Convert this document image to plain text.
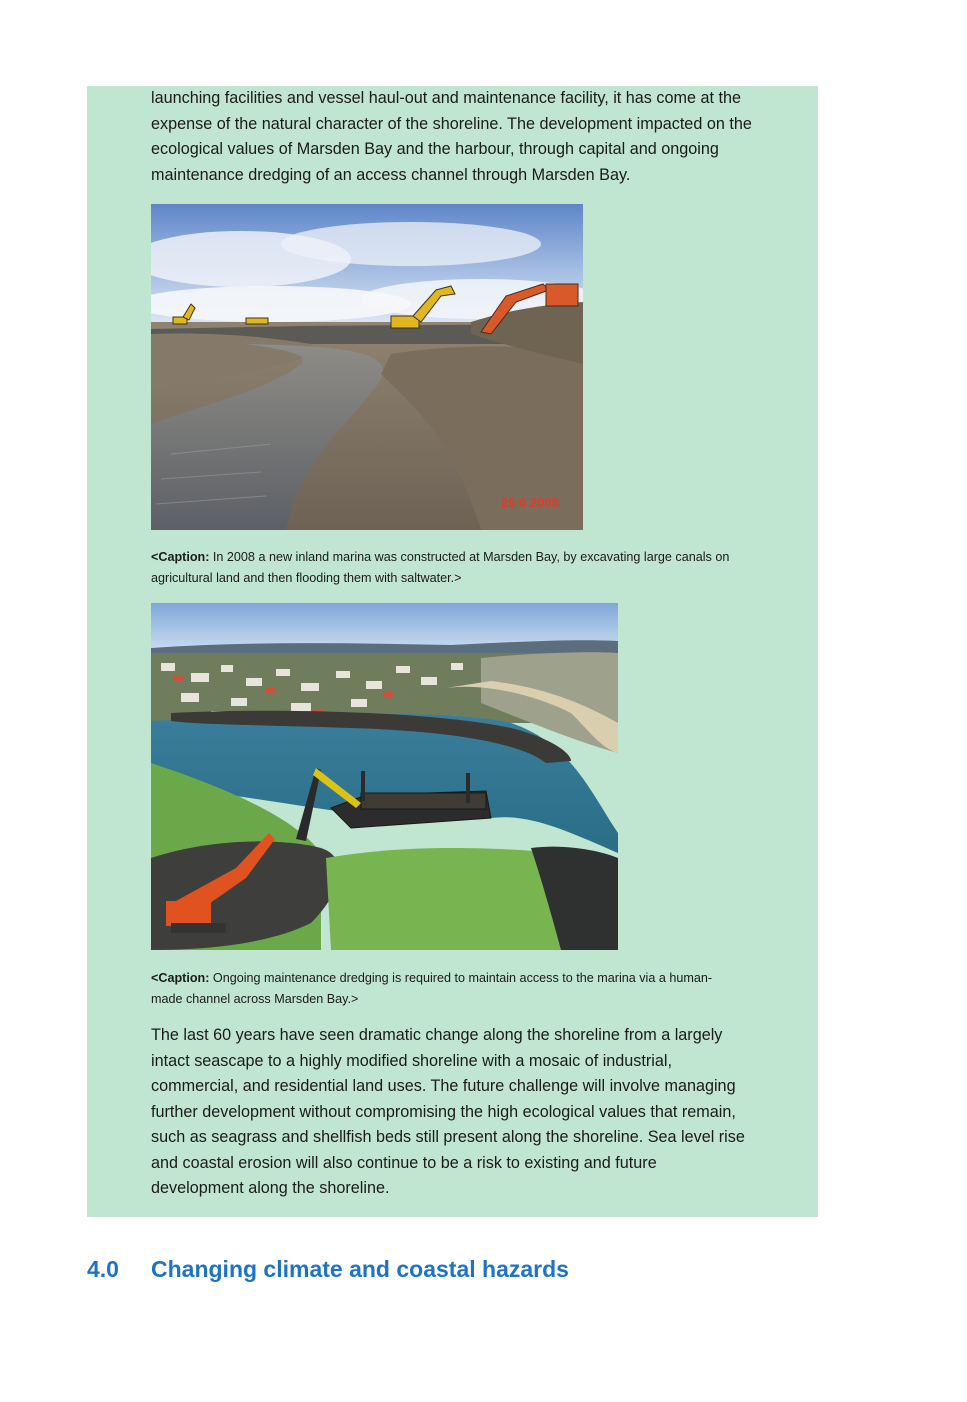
launching facilities and vessel haul-out and maintenance facility, it has come at the
expense of the natural character of the shoreline. The development impacted on the
ecological values of Marsden Bay and the harbour, through capital and ongoing
maintenance dredging of an access channel through Marsden Bay.

26 6 2008

<Caption: In 2008 a new inland marina was constructed at Marsden Bay, by excavating large canals on
agricultural land and then flooding them with saltwater.>

<Caption: Ongoing maintenance dredging is required to maintain access to the marina via a human-
made channel across Marsden Bay.>

The last 60 years have seen dramatic change along the shoreline from a largely
intact seascape to a highly modified shoreline with a mosaic of industrial,
commercial, and residential land uses. The future challenge will involve managing
further development without compromising the high ecological values that remain,
such as seagrass and shellfish beds still present along the shoreline. Sea level rise
and coastal erosion will also continue to be a risk to existing and future
development along the shoreline.

4.0 Changing climate and coastal hazards
